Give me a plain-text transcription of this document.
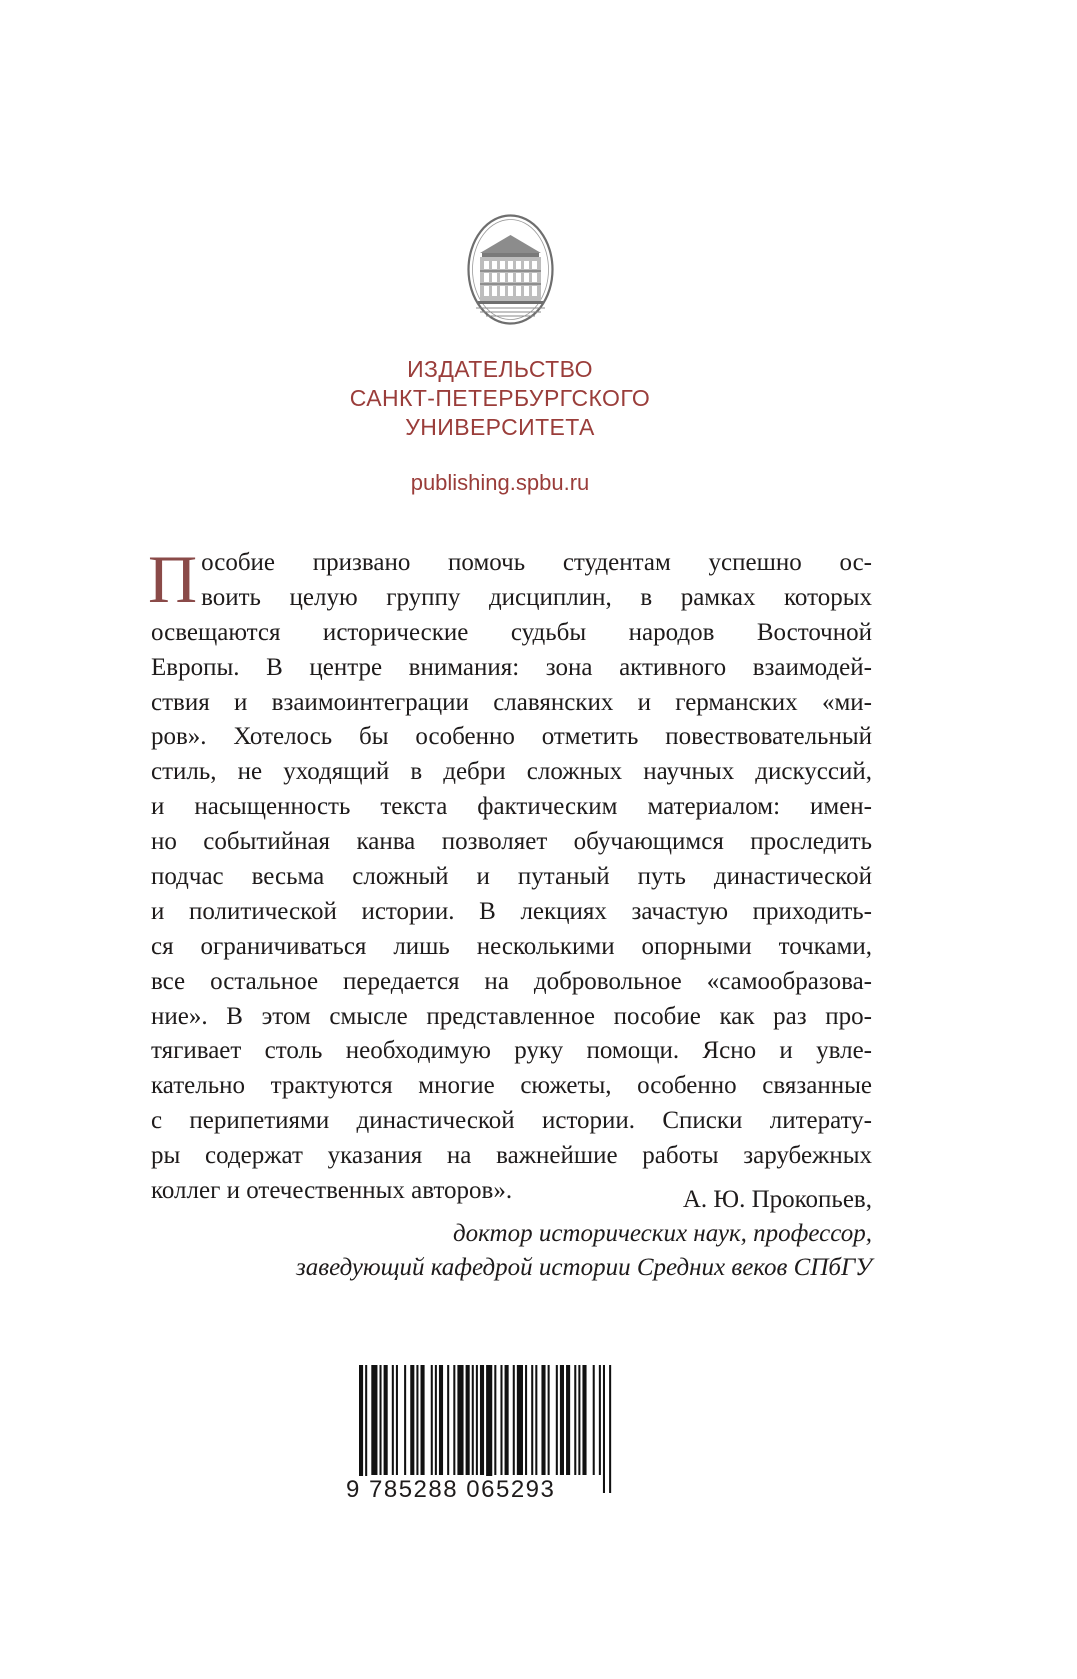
ИЗДАТЕЛЬСТВО
САНКТ-ПЕТЕРБУРГСКОГО
УНИВЕРСИТЕТА
publishing.spbu.ru
П особие призвано помочь студентам успешно ос-
воить целую группу дисциплин, в рамках которых
освещаются исторические судьбы народов Восточной
Европы. В центре внимания: зона активного взаимодей-
ствия и взаимоинтеграции славянских и германских «ми-
ров». Хотелось бы особенно отметить повествовательный
стиль, не уходящий в дебри сложных научных дискуссий,
и насыщенность текста фактическим материалом: имен-
но событийная канва позволяет обучающимся проследить
подчас весьма сложный и путаный путь династической
и политической истории. В лекциях зачастую приходить-
ся ограничиваться лишь несколькими опорными точками,
все остальное передается на добровольное «самообразова-
ние». В этом смысле представленное пособие как раз про-
тягивает столь необходимую руку помощи. Ясно и увле-
кательно трактуются многие сюжеты, особенно связанные
с перипетиями династической истории. Списки литерату-
ры содержат указания на важнейшие работы зарубежных
коллег и отечественных авторов».	А. Ю. Прокопьев,
доктор исторических наук, профессор,
заведующий кафедрой истории Средних веков СПбГУ
9 785288 065293
